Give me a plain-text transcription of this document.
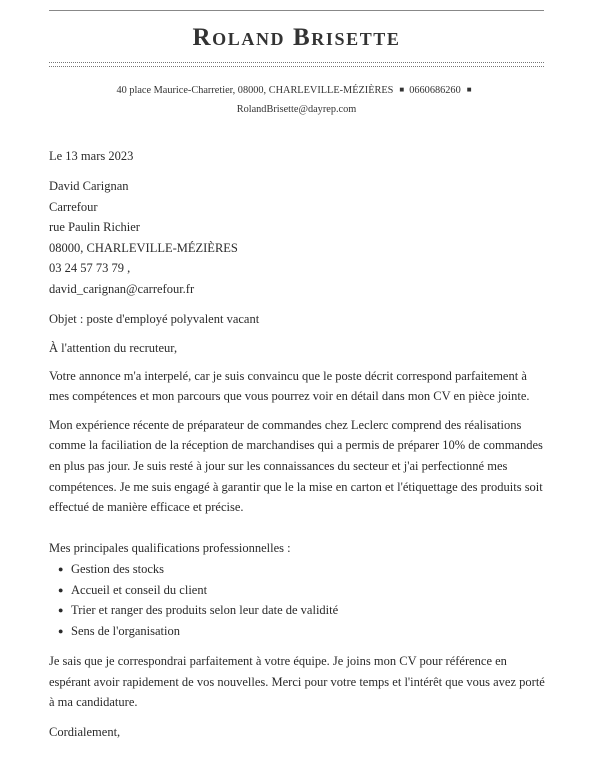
Roland Brisette
40 place Maurice-Charretier, 08000, CHARLEVILLE-MÉZIÈRES ■ 0660686260 ■
RolandBrisette@dayrep.com

Le 13 mars 2023

David Carignan

Carrefour

rue Paulin Richier

08000, CHARLEVILLE-MÉZIÈRES

03 24 57 73 79 ,

david_carignan@carrefour.fr

Objet : poste d'employé polyvalent vacant

À l'attention du recruteur,

Votre annonce m'a interpelé, car je suis convaincu que le poste décrit correspond parfaitement à mes compétences et mon parcours que vous pourrez voir en détail dans mon CV en pièce jointe.

Mon expérience récente de préparateur de commandes chez Leclerc comprend des réalisations comme la faciliation de la réception de marchandises qui a permis de préparer 10% de commandes en plus pas jour. Je suis resté à jour sur les connaissances du secteur et j'ai perfectionné mes compétences. Je me suis engagé à garantir que le la mise en carton et l'étiquettage des produits soit effectué de manière efficace et précise.

Mes principales qualifications professionnelles :

● Gestion des stocks
● Accueil et conseil du client
● Trier et ranger des produits selon leur date de validité
● Sens de l'organisation

Je sais que je correspondrai parfaitement à votre équipe. Je joins mon CV pour référence en espérant avoir rapidement de vos nouvelles. Merci pour votre temps et l'intérêt que vous avez porté à ma candidature.

Cordialement,
